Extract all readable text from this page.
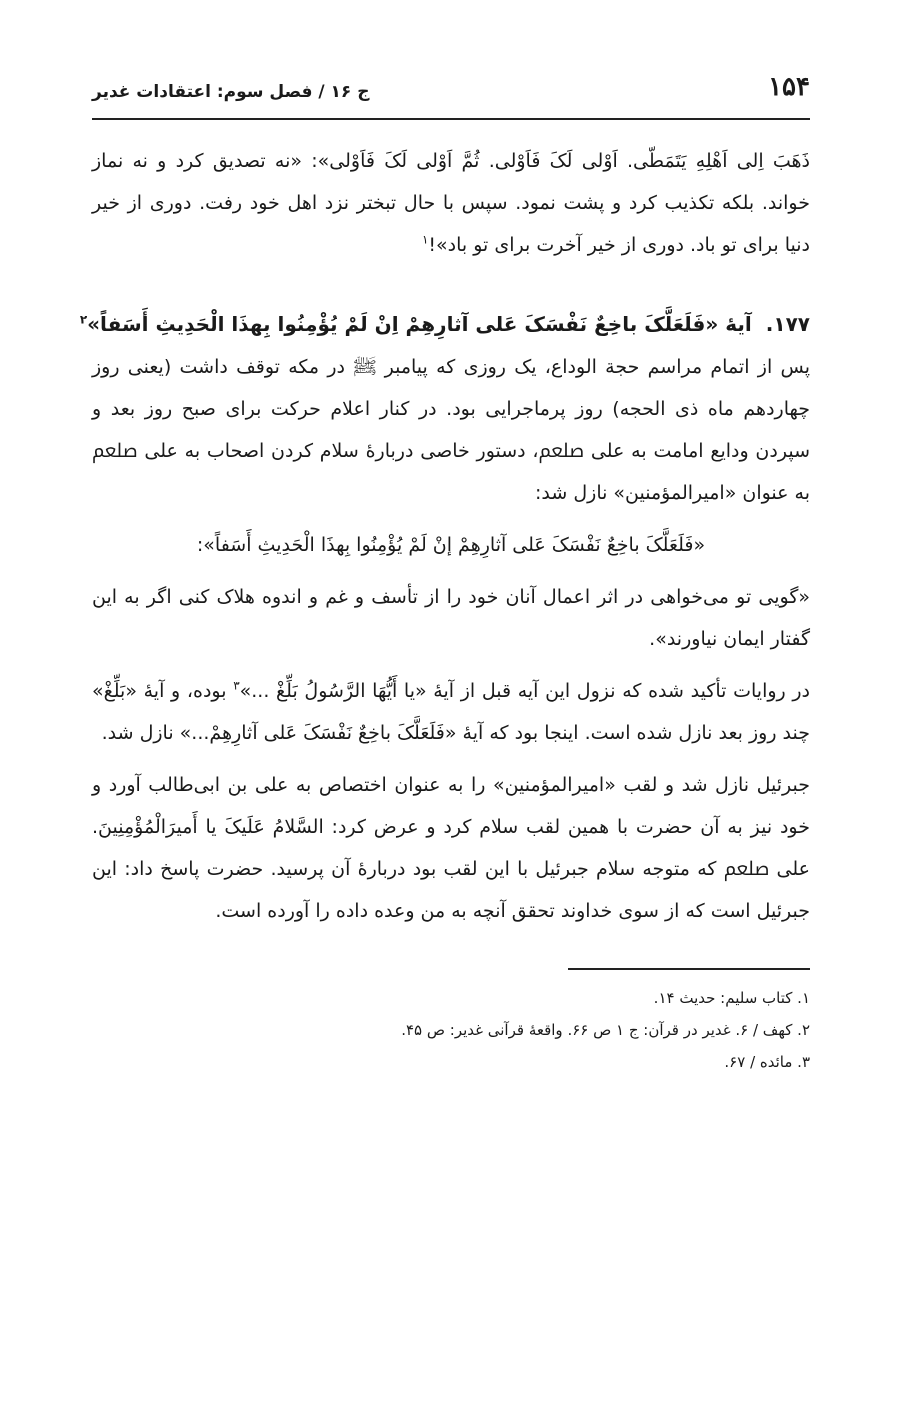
۱۵۴
ج ۱۶ / فصل سوم: اعتقادات غدیر

ذَهَبَ اِلی اَهْلِهِ یَتَمَطّی. اَوْلی لَکَ فَاَوْلی. ثُمَّ اَوْلی لَکَ فَاَوْلی»: «نه تصدیق کرد و نه نماز خواند. بلکه تکذیب کرد و پشت نمود. سپس با حال تبختر نزد اهل خود رفت. دوری از خیر دنیا برای تو باد. دوری از خیر آخرت برای تو باد»!$^۱$

۱۷۷.آیهٔ «فَلَعَلَّکَ باخِعٌ نَفْسَکَ عَلی آثارِهِمْ اِنْ لَمْ یُؤْمِنُوا بِهذَا الْحَدِیثِ أَسَفاً»$^۲$

پس از اتمام مراسم حجة الوداع، یک روزی که پیامبر ﷺ در مکه توقف داشت (یعنی روز چهاردهم ماه ذی الحجه) روز پرماجرایی بود. در کنار اعلام حرکت برای صبح روز بعد و سپردن ودایع امامت به علی ﷵ، دستور خاصی دربارهٔ سلام کردن اصحاب به علی ﷵ به عنوان «امیرالمؤمنین» نازل شد:

«فَلَعَلَّکَ باخِعٌ نَفْسَکَ عَلی آثارِهِمْ إنْ لَمْ یُؤْمِنُوا بِهذَا الْحَدِیثِ أَسَفاً»:

«گویی تو می‌خواهی در اثر اعمال آنان خود را از تأسف و غم و اندوه هلاک کنی اگر به این گفتار ایمان نیاورند».

در روایات تأکید شده که نزول این آیه قبل از آیهٔ «یا أَیُّهَا الرَّسُولُ بَلِّغْ ...»$^۳$ بوده، و آیهٔ «بَلِّغْ» چند روز بعد نازل شده است. اینجا بود که آیهٔ «فَلَعَلَّکَ باخِعٌ نَفْسَکَ عَلی آثارِهِمْ...» نازل شد.

جبرئیل نازل شد و لقب «امیرالمؤمنین» را به عنوان اختصاص به علی بن ابی‌طالب آورد و خود نیز به آن حضرت با همین لقب سلام کرد و عرض کرد: السَّلامُ عَلَیکَ یا أَمیرَالْمُؤْمِنِینَ. علی ﷵ که متوجه سلام جبرئیل با این لقب بود دربارهٔ آن پرسید. حضرت پاسخ داد: این جبرئیل است که از سوی خداوند تحقق آنچه به من وعده داده را آورده است.

۱. کتاب سلیم: حدیث ۱۴.
۲. کهف / ۶. غدیر در قرآن: ج ۱ ص ۶۶. واقعهٔ قرآنی غدیر: ص ۴۵.
۳. مائده / ۶۷.
